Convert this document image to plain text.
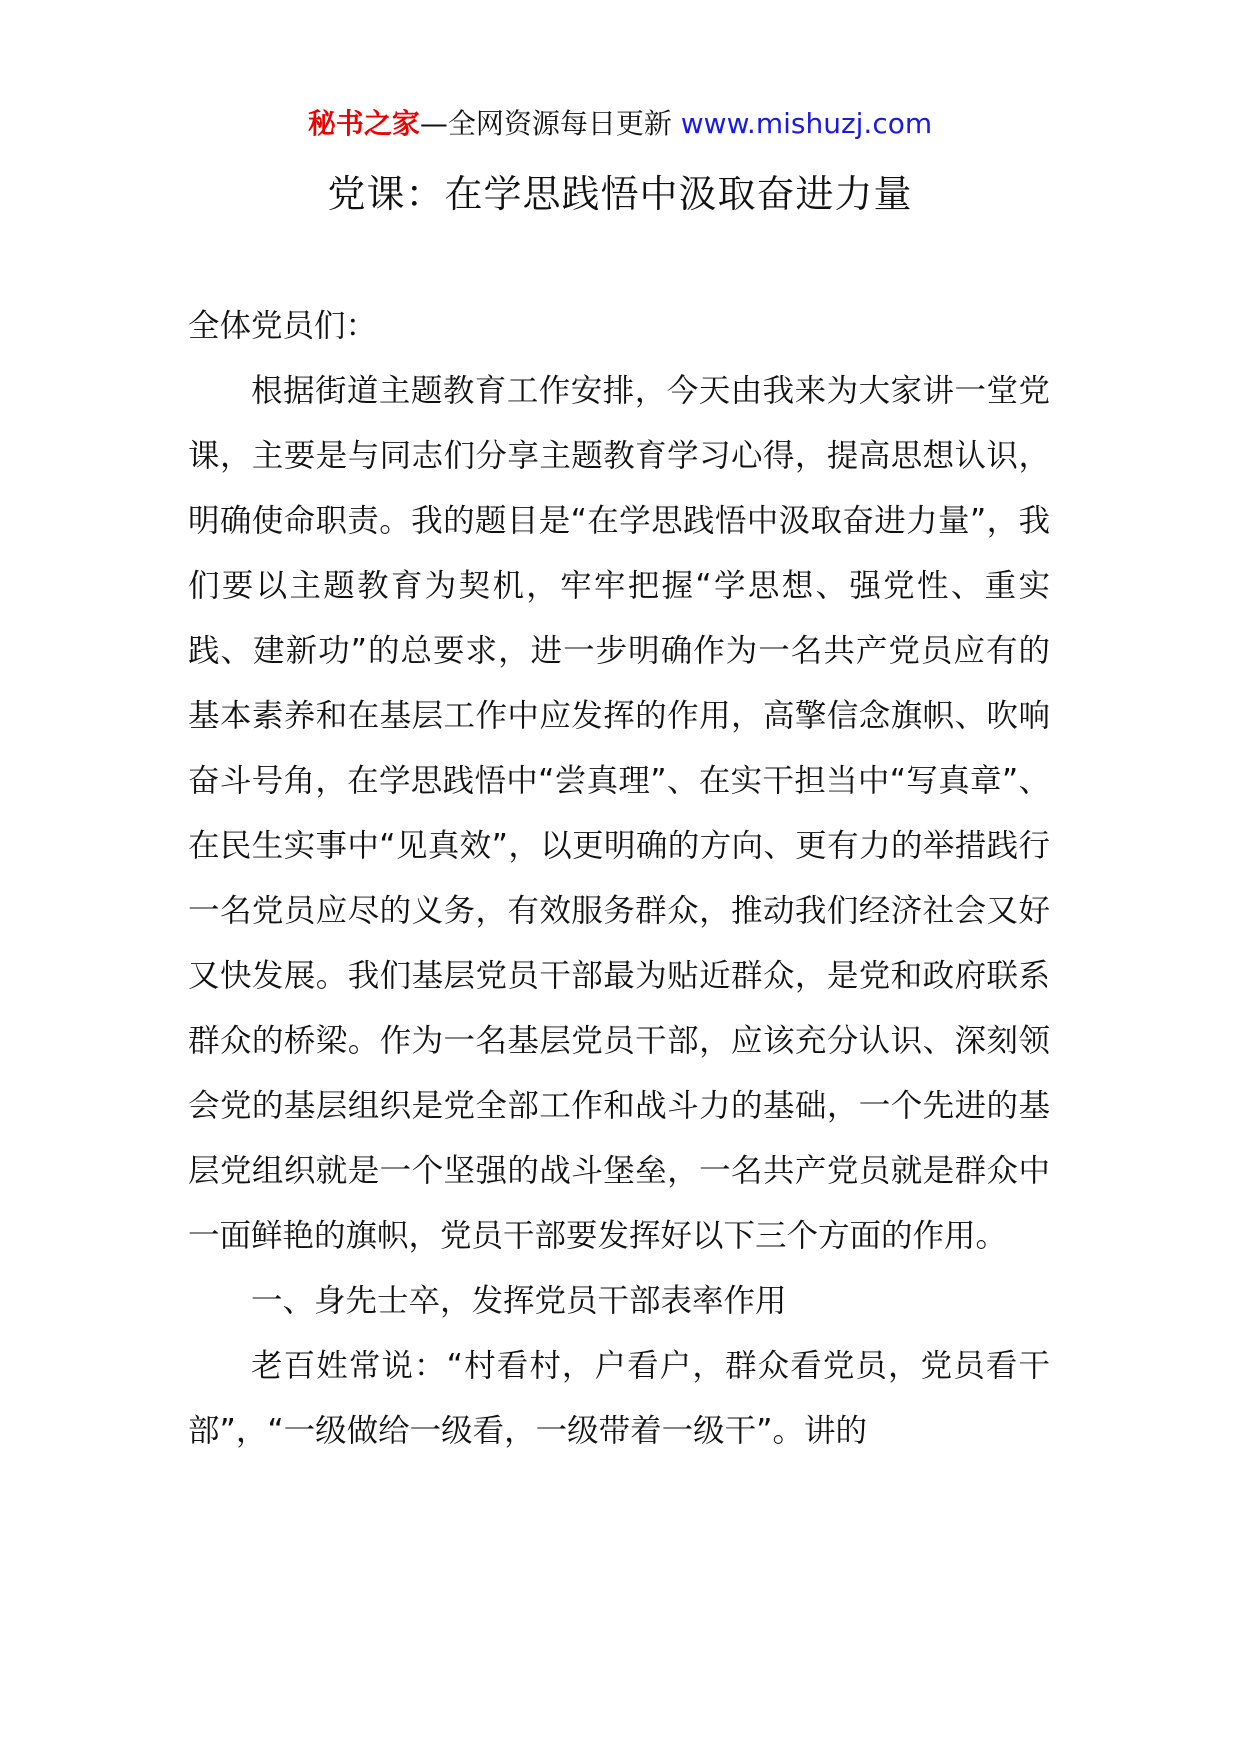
秘书之家—全网资源每日更新 www.mishuzj.com
党课：在学思践悟中汲取奋进力量

全体党员们：

根据街道主题教育工作安排，今天由我来为大家讲一堂党课，主要是与同志们分享主题教育学习心得，提高思想认识，明确使命职责。我的题目是“在学思践悟中汲取奋进力量”，我们要以主题教育为契机，牢牢把握“学思想、强党性、重实践、建新功”的总要求，进一步明确作为一名共产党员应有的基本素养和在基层工作中应发挥的作用，高擎信念旗帜、吹响奋斗号角，在学思践悟中“尝真理”、在实干担当中“写真章”、在民生实事中“见真效”，以更明确的方向、更有力的举措践行一名党员应尽的义务，有效服务群众，推动我们经济社会又好又快发展。我们基层党员干部最为贴近群众，是党和政府联系群众的桥梁。作为一名基层党员干部，应该充分认识、深刻领会党的基层组织是党全部工作和战斗力的基础，一个先进的基层党组织就是一个坚强的战斗堡垒，一名共产党员就是群众中一面鲜艳的旗帜，党员干部要发挥好以下三个方面的作用。

一、身先士卒，发挥党员干部表率作用

老百姓常说：“村看村，户看户，群众看党员，党员看干部”，“一级做给一级看，一级带着一级干”。讲的
